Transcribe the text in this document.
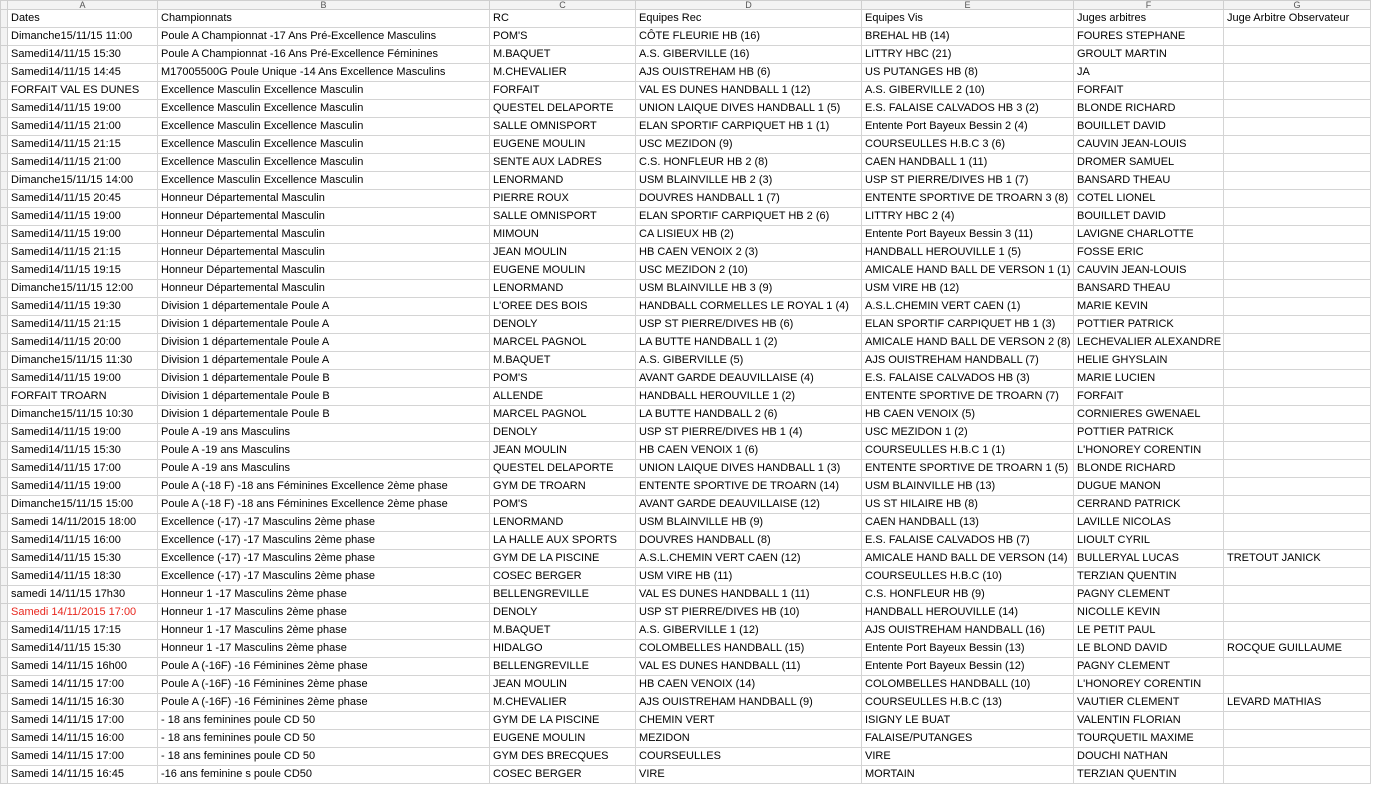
	A	B	C	D	E	F	G
	Dates	Championnats	RC	Equipes Rec	Equipes Vis	Juges arbitres	Juge Arbitre Observateur
	Dimanche15/11/15 11:00	Poule A Championnat -17 Ans Pré-Excellence Masculins	POM'S	CÔTE FLEURIE HB (16)	BREHAL HB (14)	FOURES STEPHANE	
	Samedi14/11/15 15:30	Poule A Championnat -16 Ans Pré-Excellence Féminines	M.BAQUET	A.S. GIBERVILLE (16)	LITTRY HBC (21)	GROULT MARTIN	
	Samedi14/11/15 14:45	M17005500G Poule Unique -14 Ans Excellence Masculins	M.CHEVALIER	AJS OUISTREHAM HB (6)	US PUTANGES HB (8)	JA	
	FORFAIT VAL ES DUNES	Excellence Masculin Excellence Masculin	FORFAIT	VAL ES DUNES HANDBALL 1 (12)	A.S. GIBERVILLE 2 (10)	FORFAIT	
	Samedi14/11/15 19:00	Excellence Masculin Excellence Masculin	QUESTEL DELAPORTE	UNION LAIQUE DIVES HANDBALL 1 (5)	E.S. FALAISE CALVADOS HB 3 (2)	BLONDE RICHARD	
	Samedi14/11/15 21:00	Excellence Masculin Excellence Masculin	SALLE OMNISPORT	ELAN SPORTIF CARPIQUET HB 1 (1)	Entente Port Bayeux Bessin 2 (4)	BOUILLET DAVID	
	Samedi14/11/15 21:15	Excellence Masculin Excellence Masculin	EUGENE MOULIN	USC MEZIDON (9)	COURSEULLES H.B.C 3 (6)	CAUVIN JEAN-LOUIS	
	Samedi14/11/15 21:00	Excellence Masculin Excellence Masculin	SENTE AUX LADRES	C.S. HONFLEUR HB 2 (8)	CAEN HANDBALL 1 (11)	DROMER SAMUEL	
	Dimanche15/11/15 14:00	Excellence Masculin Excellence Masculin	LENORMAND	USM BLAINVILLE HB 2 (3)	USP ST PIERRE/DIVES HB 1 (7)	BANSARD THEAU	
	Samedi14/11/15 20:45	Honneur Départemental Masculin	PIERRE ROUX	DOUVRES HANDBALL 1 (7)	ENTENTE SPORTIVE DE TROARN 3 (8)	COTEL LIONEL	
	Samedi14/11/15 19:00	Honneur Départemental Masculin	SALLE OMNISPORT	ELAN SPORTIF CARPIQUET HB 2 (6)	LITTRY HBC 2 (4)	BOUILLET DAVID	
	Samedi14/11/15 19:00	Honneur Départemental Masculin	MIMOUN	CA LISIEUX HB (2)	Entente Port Bayeux Bessin 3 (11)	LAVIGNE CHARLOTTE	
	Samedi14/11/15 21:15	Honneur Départemental Masculin	JEAN MOULIN	HB CAEN VENOIX 2 (3)	HANDBALL HEROUVILLE 1 (5)	FOSSE ERIC	
	Samedi14/11/15 19:15	Honneur Départemental Masculin	EUGENE MOULIN	USC MEZIDON 2 (10)	AMICALE HAND BALL DE VERSON 1 (1)	CAUVIN JEAN-LOUIS	
	Dimanche15/11/15 12:00	Honneur Départemental Masculin	LENORMAND	USM BLAINVILLE HB 3 (9)	USM VIRE HB (12)	BANSARD THEAU	
	Samedi14/11/15 19:30	Division 1 départementale Poule A	L'OREE DES BOIS	HANDBALL CORMELLES LE ROYAL 1 (4)	A.S.L.CHEMIN VERT CAEN (1)	MARIE KEVIN	
	Samedi14/11/15 21:15	Division 1 départementale Poule A	DENOLY	USP ST PIERRE/DIVES HB (6)	ELAN SPORTIF CARPIQUET HB 1 (3)	POTTIER PATRICK	
	Samedi14/11/15 20:00	Division 1 départementale Poule A	MARCEL PAGNOL	LA BUTTE HANDBALL 1 (2)	AMICALE HAND BALL DE VERSON 2 (8)	LECHEVALIER ALEXANDRE	
	Dimanche15/11/15 11:30	Division 1 départementale Poule A	M.BAQUET	A.S. GIBERVILLE (5)	AJS OUISTREHAM HANDBALL (7)	HELIE GHYSLAIN	
	Samedi14/11/15 19:00	Division 1 départementale Poule B	POM'S	AVANT GARDE DEAUVILLAISE (4)	E.S. FALAISE CALVADOS HB (3)	MARIE LUCIEN	
	FORFAIT TROARN	Division 1 départementale Poule B	ALLENDE	HANDBALL HEROUVILLE 1 (2)	ENTENTE SPORTIVE DE TROARN (7)	FORFAIT	
	Dimanche15/11/15 10:30	Division 1 départementale Poule B	MARCEL PAGNOL	LA BUTTE HANDBALL 2 (6)	HB CAEN VENOIX (5)	CORNIERES GWENAEL	
	Samedi14/11/15 19:00	Poule A -19 ans Masculins	DENOLY	USP ST PIERRE/DIVES HB 1 (4)	USC MEZIDON 1 (2)	POTTIER PATRICK	
	Samedi14/11/15 15:30	Poule A -19 ans Masculins	JEAN MOULIN	HB CAEN VENOIX 1 (6)	COURSEULLES H.B.C 1 (1)	L'HONOREY CORENTIN	
	Samedi14/11/15 17:00	Poule A -19 ans Masculins	QUESTEL DELAPORTE	UNION LAIQUE DIVES HANDBALL 1 (3)	ENTENTE SPORTIVE DE TROARN 1 (5)	BLONDE RICHARD	
	Samedi14/11/15 19:00	Poule A (-18 F) -18 ans Féminines Excellence 2ème phase	GYM DE TROARN	ENTENTE SPORTIVE DE TROARN (14)	USM BLAINVILLE HB (13)	DUGUE MANON	
	Dimanche15/11/15 15:00	Poule A (-18 F) -18 ans Féminines Excellence 2ème phase	POM'S	AVANT GARDE DEAUVILLAISE (12)	US ST HILAIRE HB (8)	CERRAND PATRICK	
	Samedi 14/11/2015 18:00	Excellence (-17) -17 Masculins 2ème phase	LENORMAND	USM BLAINVILLE HB (9)	CAEN HANDBALL (13)	LAVILLE NICOLAS	
	Samedi14/11/15 16:00	Excellence (-17) -17 Masculins 2ème phase	LA HALLE AUX SPORTS	DOUVRES HANDBALL (8)	E.S. FALAISE CALVADOS HB (7)	LIOULT CYRIL	
	Samedi14/11/15 15:30	Excellence (-17) -17 Masculins 2ème phase	GYM DE LA PISCINE	A.S.L.CHEMIN VERT CAEN (12)	AMICALE HAND BALL DE VERSON (14)	BULLERYAL LUCAS	TRETOUT JANICK
	Samedi14/11/15 18:30	Excellence (-17) -17 Masculins 2ème phase	COSEC BERGER	USM VIRE HB (11)	COURSEULLES H.B.C (10)	TERZIAN QUENTIN	
	samedi 14/11/15 17h30	Honneur 1 -17 Masculins 2ème phase	BELLENGREVILLE	VAL ES DUNES HANDBALL 1 (11)	C.S. HONFLEUR HB (9)	PAGNY CLEMENT	
	Samedi 14/11/2015 17:00	Honneur 1 -17 Masculins 2ème phase	DENOLY	USP ST PIERRE/DIVES HB (10)	HANDBALL HEROUVILLE (14)	NICOLLE KEVIN	
	Samedi14/11/15 17:15	Honneur 1 -17 Masculins 2ème phase	M.BAQUET	A.S. GIBERVILLE 1 (12)	AJS OUISTREHAM HANDBALL (16)	LE PETIT PAUL	
	Samedi14/11/15 15:30	Honneur 1 -17 Masculins 2ème phase	HIDALGO	COLOMBELLES HANDBALL (15)	Entente Port Bayeux Bessin (13)	LE BLOND DAVID	ROCQUE GUILLAUME
	Samedi 14/11/15 16h00	Poule A (-16F) -16 Féminines 2ème phase	BELLENGREVILLE	VAL ES DUNES HANDBALL (11)	Entente Port Bayeux Bessin (12)	PAGNY CLEMENT	
	Samedi 14/11/15 17:00	Poule A (-16F) -16 Féminines 2ème phase	JEAN MOULIN	HB CAEN VENOIX (14)	COLOMBELLES HANDBALL (10)	L'HONOREY CORENTIN	
	Samedi 14/11/15 16:30	Poule A (-16F) -16 Féminines 2ème phase	M.CHEVALIER	AJS OUISTREHAM HANDBALL (9)	COURSEULLES H.B.C (13)	VAUTIER CLEMENT	LEVARD MATHIAS
	Samedi 14/11/15 17:00	- 18 ans feminines poule CD 50	GYM DE LA PISCINE	CHEMIN VERT	ISIGNY LE BUAT	VALENTIN FLORIAN	
	Samedi 14/11/15 16:00	- 18 ans feminines poule CD 50	EUGENE MOULIN	MEZIDON	FALAISE/PUTANGES	TOURQUETIL MAXIME	
	Samedi 14/11/15 17:00	- 18 ans feminines poule CD 50	GYM DES BRECQUES	COURSEULLES	VIRE	DOUCHI NATHAN	
	Samedi 14/11/15 16:45	-16 ans feminine s poule CD50	COSEC BERGER	VIRE	MORTAIN	TERZIAN QUENTIN	
